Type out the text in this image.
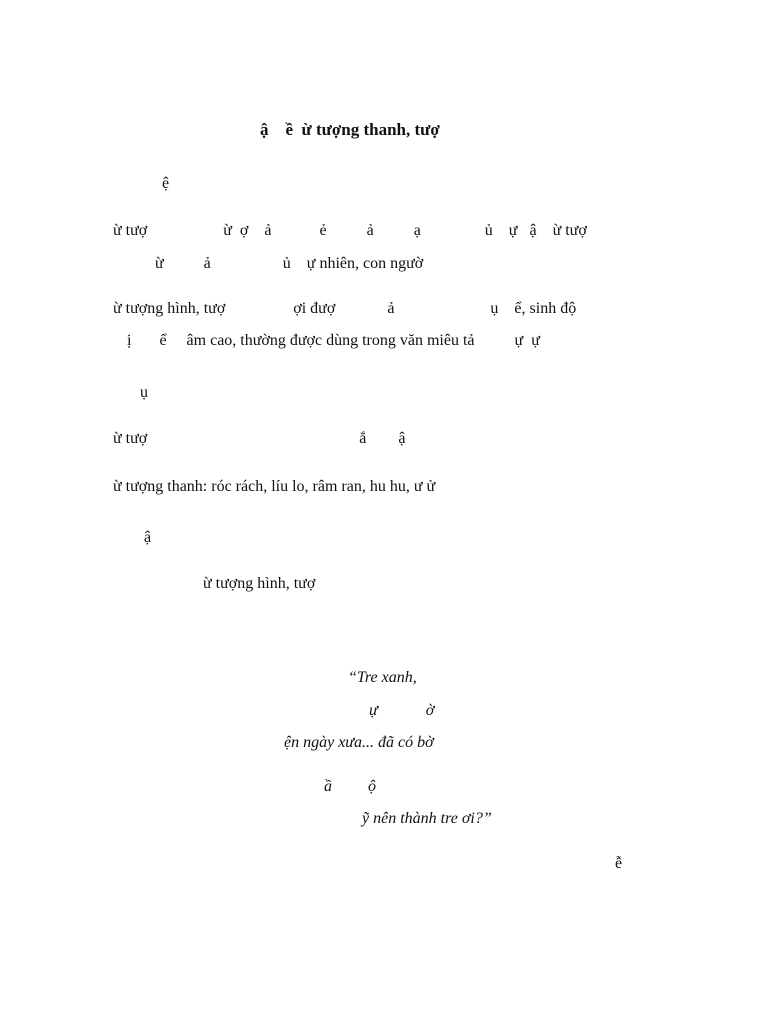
ậ    ề  ừ tượng thanh, tượ
ệ
ừ tượ                   ừ  ợ    ả            ẻ          ả          ạ                ủ    ự   ậ    ừ tượ
ừ          ả                  ủ    ự nhiên, con ngườ
ừ tượng hình, tượ                 ợi đượ             ả                        ụ    ể, sinh độ
ị       ể     âm cao, thường được dùng trong văn miêu tả          ự  ự
ụ
ừ tượ                                                     ắ        ậ
ừ tượng thanh: róc rách, líu lo, râm ran, hu hu, ư ử
ậ
ừ tượng hình, tượ
“Tre xanh,
ự            ờ
ện ngày xưa... đã có bờ
ầ         ộ
ỹ nên thành tre ơi?”
ễ
